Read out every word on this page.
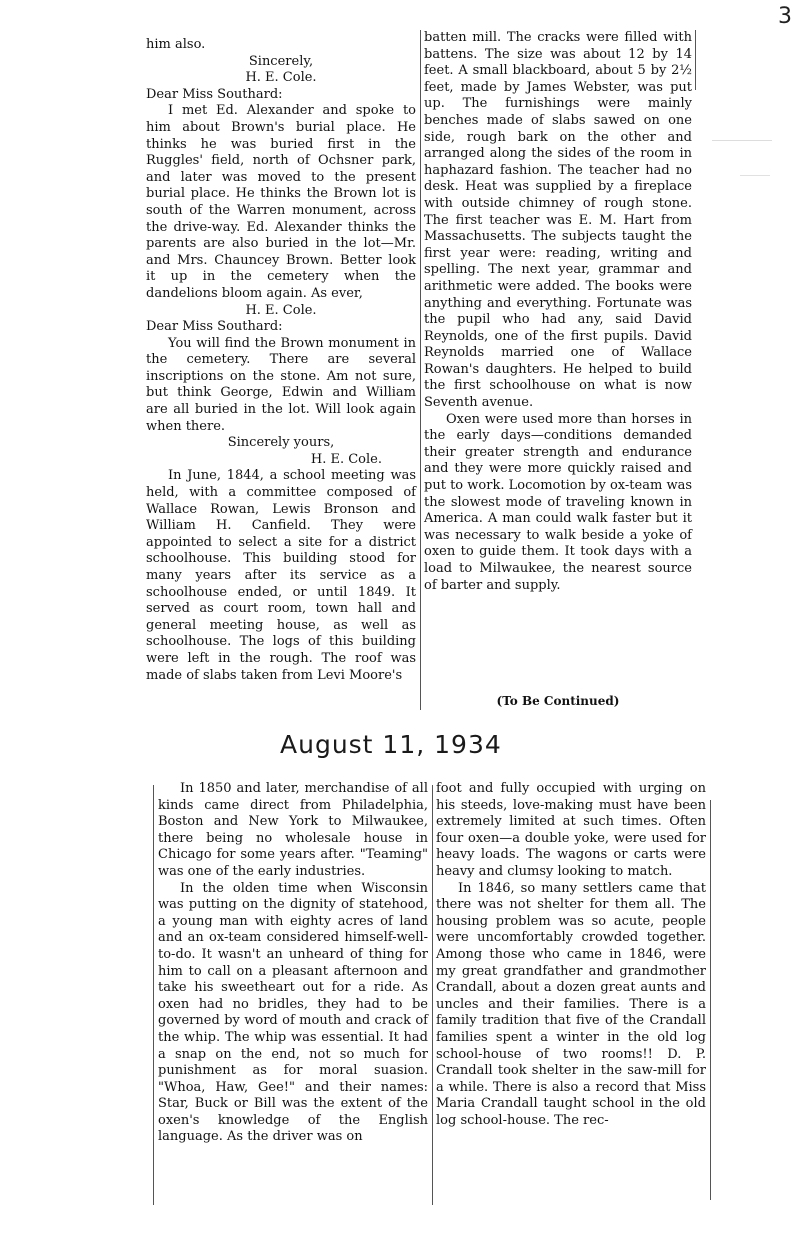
3

him also.

Sincerely,

H. E. Cole.

Dear Miss Southard:

I met Ed. Alexander and spoke to him about Brown's burial place. He thinks he was buried first in the Ruggles' field, north of Ochsner park, and later was moved to the present burial place. He thinks the Brown lot is south of the Warren monument, across the drive-way. Ed. Alexander thinks the parents are also buried in the lot—Mr. and Mrs. Chauncey Brown. Better look it up in the cemetery when the dandelions bloom again. As ever,

H. E. Cole.

Dear Miss Southard:

You will find the Brown monument in the cemetery. There are several inscriptions on the stone. Am not sure, but think George, Edwin and William are all buried in the lot. Will look again when there.

Sincerely yours,

H. E. Cole.

In June, 1844, a school meeting was held, with a committee composed of Wallace Rowan, Lewis Bronson and William H. Canfield. They were appointed to select a site for a district schoolhouse. This building stood for many years after its service as a schoolhouse ended, or until 1849. It served as court room, town hall and general meeting house, as well as schoolhouse. The logs of this building were left in the rough. The roof was made of slabs taken from Levi Moore's

batten mill. The cracks were filled with battens. The size was about 12 by 14 feet. A small blackboard, about 5 by 2½ feet, made by James Webster, was put up. The furnishings were mainly benches made of slabs sawed on one side, rough bark on the other and arranged along the sides of the room in haphazard fashion. The teacher had no desk. Heat was supplied by a fireplace with outside chimney of rough stone. The first teacher was E. M. Hart from Massachusetts. The subjects taught the first year were: reading, writing and spelling. The next year, grammar and arithmetic were added. The books were anything and everything. Fortunate was the pupil who had any, said David Reynolds, one of the first pupils. David Reynolds married one of Wallace Rowan's daughters. He helped to build the first schoolhouse on what is now Seventh avenue.

Oxen were used more than horses in the early days—conditions demanded their greater strength and endurance and they were more quickly raised and put to work. Locomotion by ox-team was the slowest mode of traveling known in America. A man could walk faster but it was necessary to walk beside a yoke of oxen to guide them. It took days with a load to Milwaukee, the nearest source of barter and supply.

(To Be Continued)

August 11, 1934

In 1850 and later, merchandise of all kinds came direct from Philadelphia, Boston and New York to Milwaukee, there being no wholesale house in Chicago for some years after. "Teaming" was one of the early industries.

In the olden time when Wisconsin was putting on the dignity of statehood, a young man with eighty acres of land and an ox-team considered himself-well-to-do. It wasn't an unheard of thing for him to call on a pleasant afternoon and take his sweetheart out for a ride. As oxen had no bridles, they had to be governed by word of mouth and crack of the whip. The whip was essential. It had a snap on the end, not so much for punishment as for moral suasion. "Whoa, Haw, Gee!" and their names: Star, Buck or Bill was the extent of the oxen's knowledge of the English language. As the driver was on

foot and fully occupied with urging on his steeds, love-making must have been extremely limited at such times. Often four oxen—a double yoke, were used for heavy loads. The wagons or carts were heavy and clumsy looking to match.

In 1846, so many settlers came that there was not shelter for them all. The housing problem was so acute, people were uncomfortably crowded together. Among those who came in 1846, were my great grandfather and grandmother Crandall, about a dozen great aunts and uncles and their families. There is a family tradition that five of the Crandall families spent a winter in the old log school-house of two rooms!! D. P. Crandall took shelter in the saw-mill for a while. There is also a record that Miss Maria Crandall taught school in the old log school-house. The rec-
